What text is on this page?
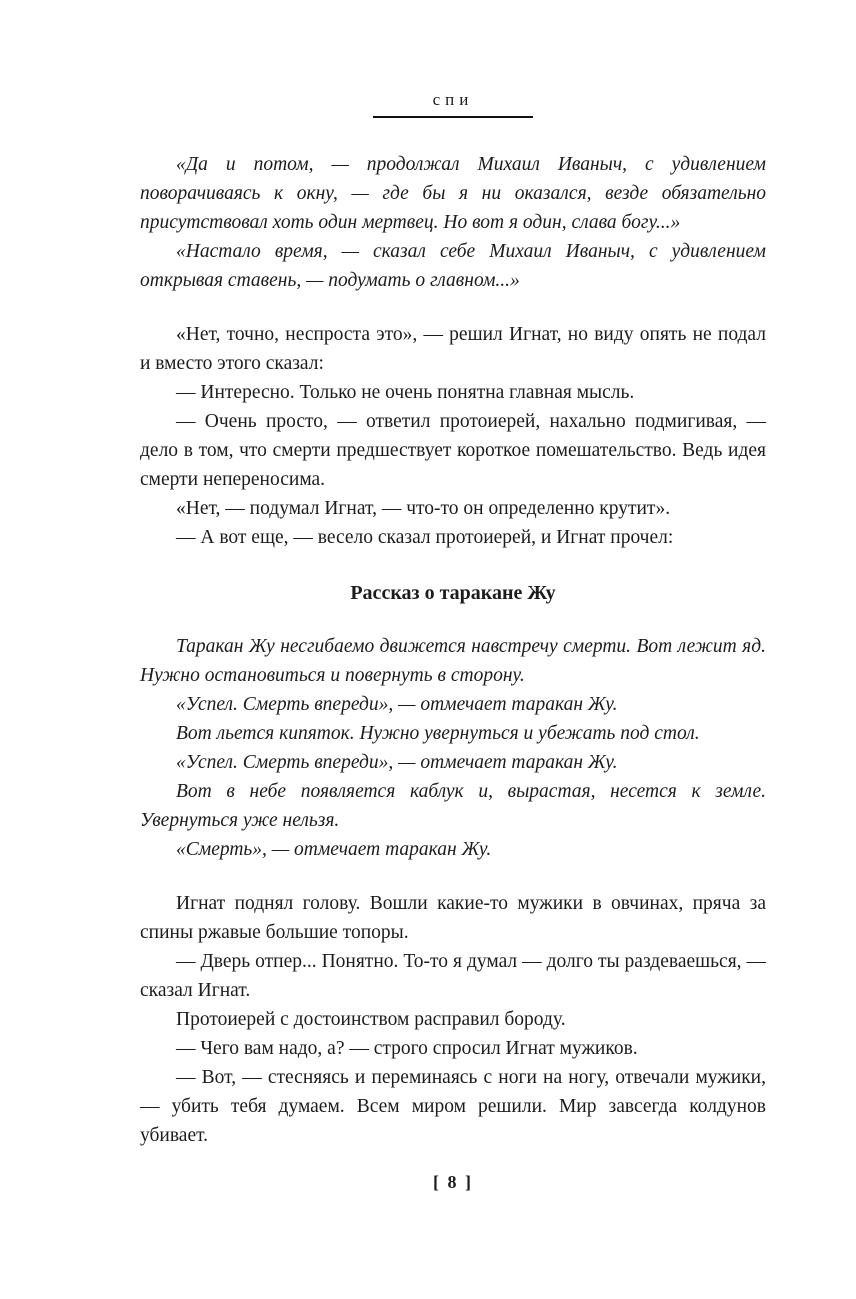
спи

«Да и потом, — продолжал Михаил Иваныч, с удивлением поворачиваясь к окну, — где бы я ни оказался, везде обязательно присутствовал хоть один мертвец. Но вот я один, слава богу...»

«Настало время, — сказал себе Михаил Иваныч, с удивлением открывая ставень, — подумать о главном...»

«Нет, точно, неспроста это», — решил Игнат, но виду опять не подал и вместо этого сказал:

— Интересно. Только не очень понятна главная мысль.

— Очень просто, — ответил протоиерей, нахально подмигивая, — дело в том, что смерти предшествует короткое помешательство. Ведь идея смерти непереносима.

«Нет, — подумал Игнат, — что-то он определенно крутит».

— А вот еще, — весело сказал протоиерей, и Игнат прочел:

Рассказ о таракане Жу

Таракан Жу несгибаемо движется навстречу смерти. Вот лежит яд. Нужно остановиться и повернуть в сторону.

«Успел. Смерть впереди», — отмечает таракан Жу.

Вот льется кипяток. Нужно увернуться и убежать под стол.

«Успел. Смерть впереди», — отмечает таракан Жу.

Вот в небе появляется каблук и, вырастая, несется к земле. Увернуться уже нельзя.

«Смерть», — отмечает таракан Жу.

Игнат поднял голову. Вошли какие-то мужики в овчинах, пряча за спины ржавые большие топоры.

— Дверь отпер... Понятно. То-то я думал — долго ты раздеваешься, — сказал Игнат.

Протоиерей с достоинством расправил бороду.

— Чего вам надо, а? — строго спросил Игнат мужиков.

— Вот, — стесняясь и переминаясь с ноги на ногу, отвечали мужики, — убить тебя думаем. Всем миром решили. Мир завсегда колдунов убивает.

[ 8 ]
